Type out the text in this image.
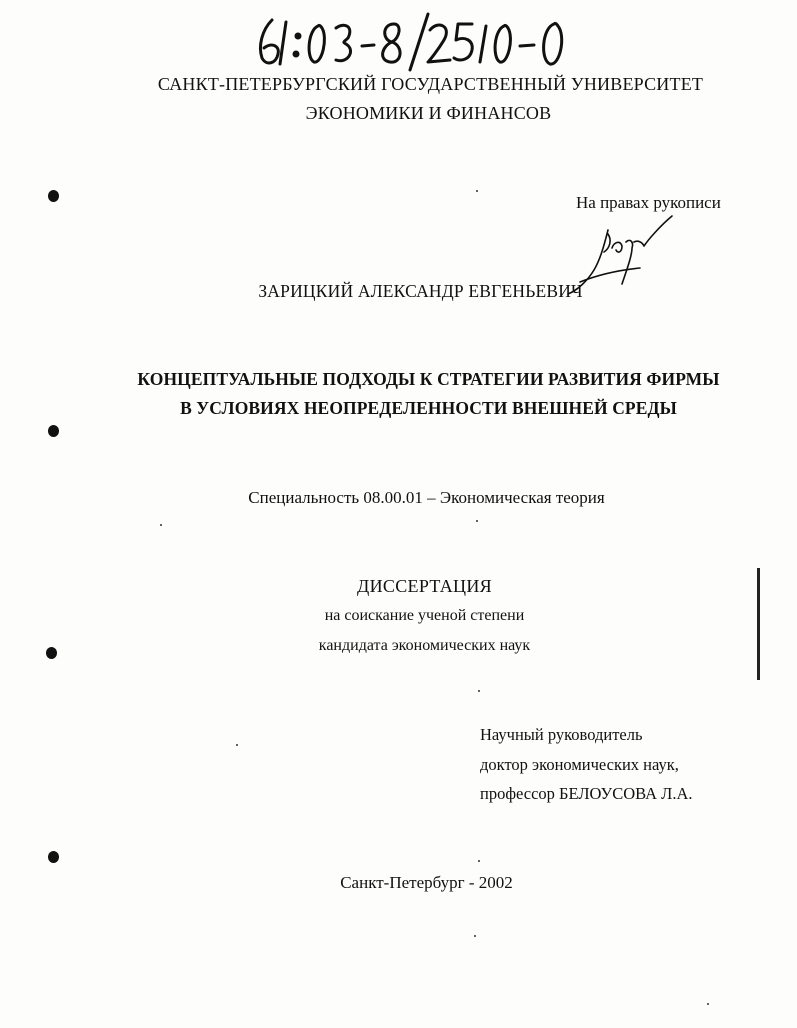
САНКТ-ПЕТЕРБУРГСКИЙ ГОСУДАРСТВЕННЫЙ УНИВЕРСИТЕТ
ЭКОНОМИКИ И ФИНАНСОВ
На правах рукописи
ЗАРИЦКИЙ АЛЕКСАНДР ЕВГЕНЬЕВИЧ
КОНЦЕПТУАЛЬНЫЕ ПОДХОДЫ К СТРАТЕГИИ РАЗВИТИЯ ФИРМЫ
В УСЛОВИЯХ НЕОПРЕДЕЛЕННОСТИ ВНЕШНЕЙ СРЕДЫ
Специальность 08.00.01 – Экономическая теория
ДИССЕРТАЦИЯ
на соискание ученой степени
кандидата экономических наук
Научный руководитель
доктор экономических наук,
профессор БЕЛОУСОВА Л.А.
Санкт-Петербург - 2002
